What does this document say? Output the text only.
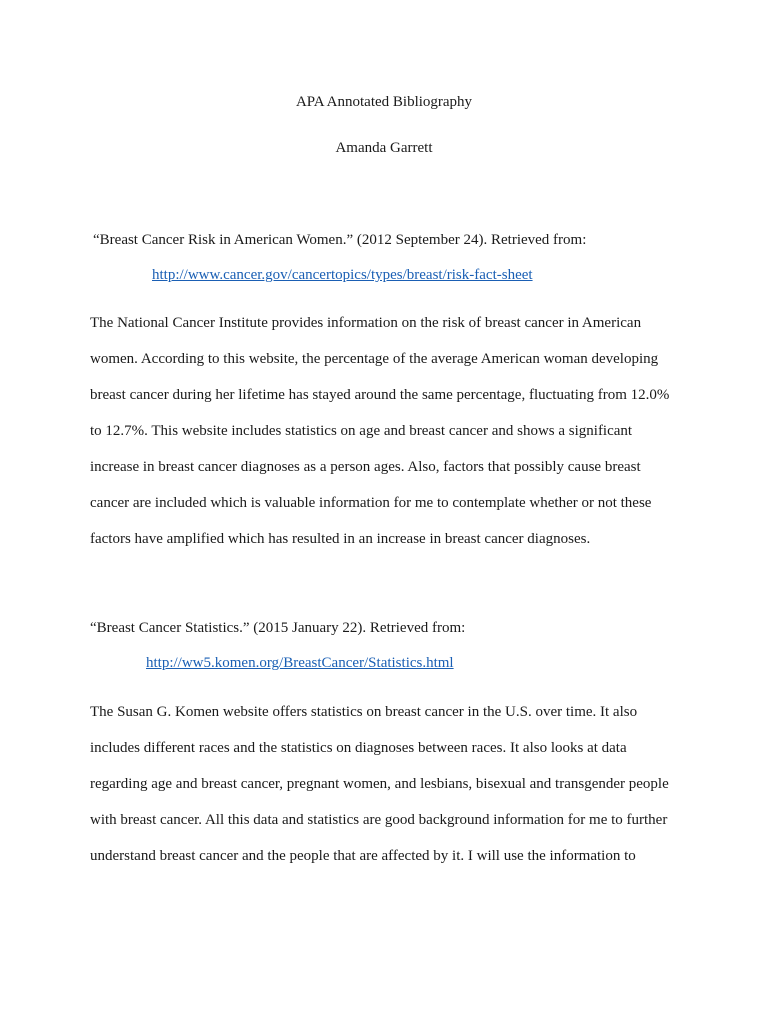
APA Annotated Bibliography

Amanda Garrett

“Breast Cancer Risk in American Women.” (2012 September 24). Retrieved from:

http://www.cancer.gov/cancertopics/types/breast/risk-fact-sheet
The National Cancer Institute provides information on the risk of breast cancer in American
women. According to this website, the percentage of the average American woman developing
breast cancer during her lifetime has stayed around the same percentage, fluctuating from 12.0%
to 12.7%. This website includes statistics on age and breast cancer and shows a significant
increase in breast cancer diagnoses as a person ages. Also, factors that possibly cause breast
cancer are included which is valuable information for me to contemplate whether or not these
factors have amplified which has resulted in an increase in breast cancer diagnoses.

“Breast Cancer Statistics.” (2015 January 22). Retrieved from:

http://ww5.komen.org/BreastCancer/Statistics.html
The Susan G. Komen website offers statistics on breast cancer in the U.S. over time. It also
includes different races and the statistics on diagnoses between races. It also looks at data
regarding age and breast cancer, pregnant women, and lesbians, bisexual and transgender people
with breast cancer. All this data and statistics are good background information for me to further
understand breast cancer and the people that are affected by it. I will use the information to
